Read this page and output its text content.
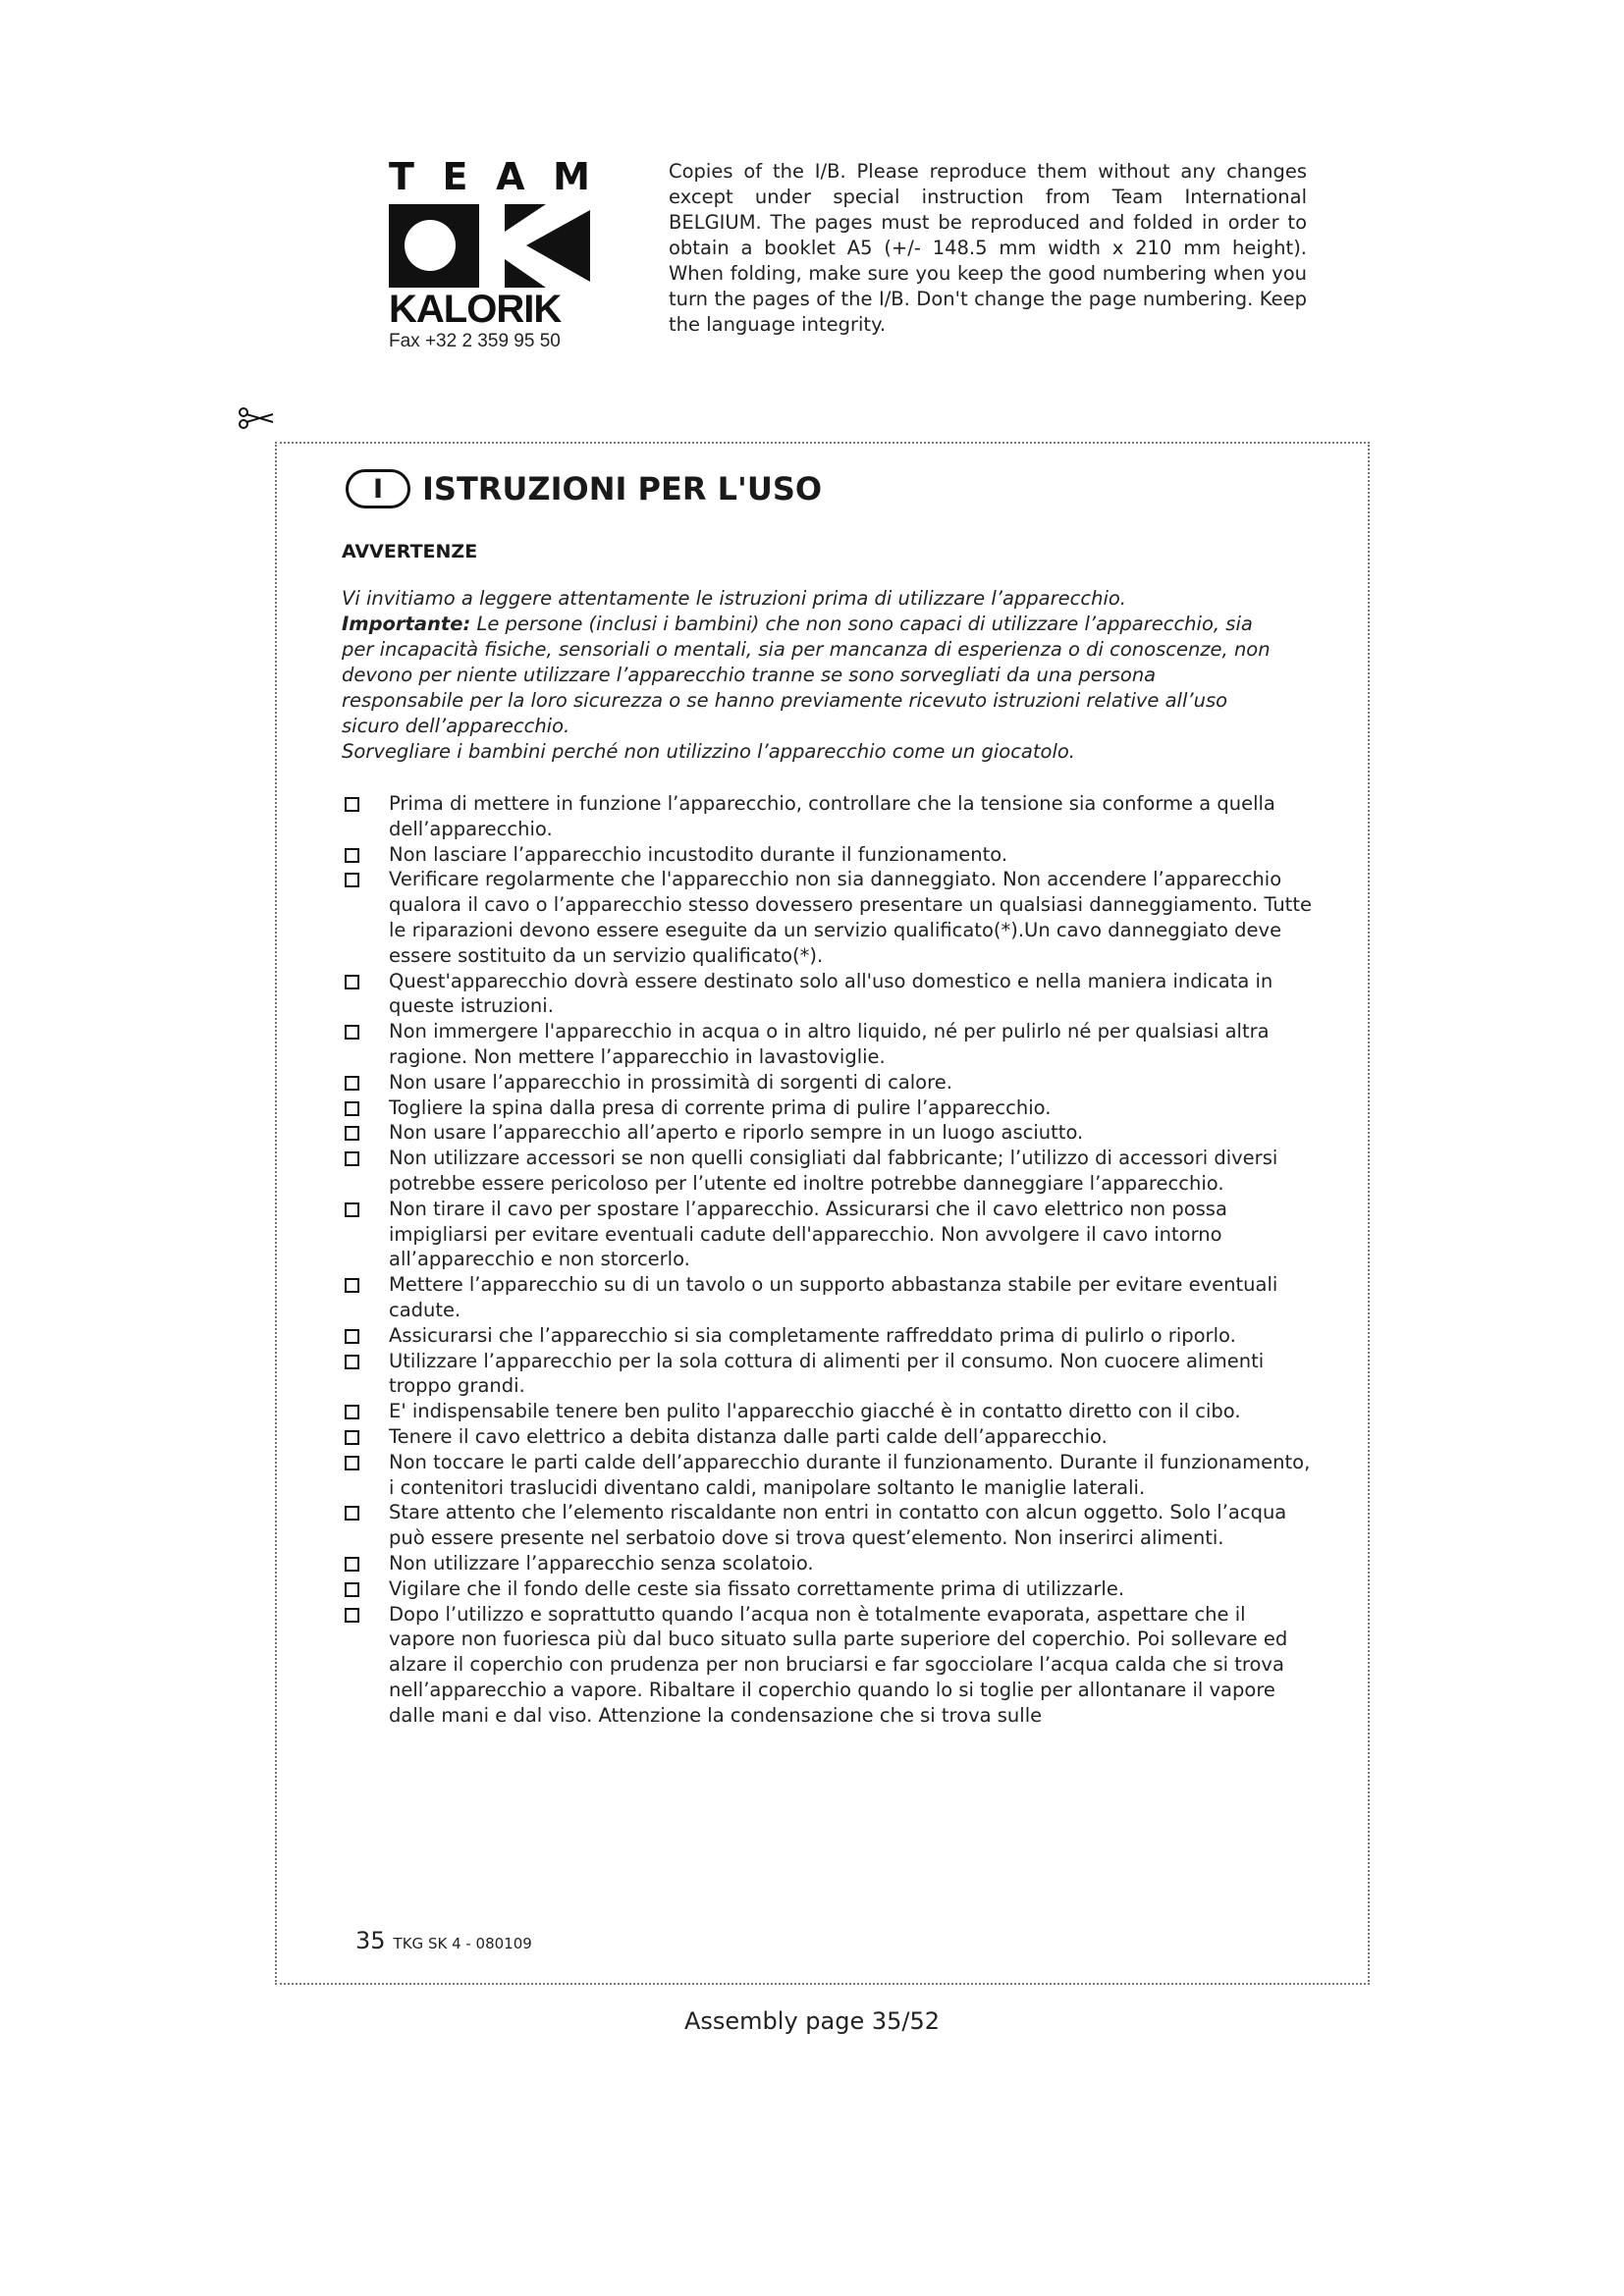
T E A M
KALORIK
Fax +32 2 359 95 50

Copies of the I/B. Please reproduce them without any changes except under special instruction from Team International BELGIUM. The pages must be reproduced and folded in order to obtain a booklet A5 (+/- 148.5 mm width x 210 mm height). When folding, make sure you keep the good numbering when you turn the pages of the I/B. Don't change the page numbering. Keep the language integrity.

I	ISTRUZIONI PER L'USO
AVVERTENZE

Vi invitiamo a leggere attentamente le istruzioni prima di utilizzare l’apparecchio.

Importante: Le persone (inclusi i bambini) che non sono capaci di utilizzare l’apparecchio, sia per incapacità fisiche, sensoriali o mentali, sia per mancanza di esperienza o di conoscenze, non devono per niente utilizzare l’apparecchio tranne se sono sorvegliati da una persona responsabile per la loro sicurezza o se hanno previamente ricevuto istruzioni relative all’uso sicuro dell’apparecchio.

Sorvegliare i bambini perché non utilizzino l’apparecchio come un giocatolo.

Prima di mettere in funzione l’apparecchio, controllare che la tensione sia conforme a quella dell’apparecchio.
Non lasciare l’apparecchio incustodito durante il funzionamento.
Verificare regolarmente che l'apparecchio non sia danneggiato. Non accendere l’apparecchio qualora il cavo o l’apparecchio stesso dovessero presentare un qualsiasi danneggiamento. Tutte le riparazioni devono essere eseguite da un servizio qualificato(*).Un cavo danneggiato deve essere sostituito da un servizio qualificato(*).
Quest'apparecchio dovrà essere destinato solo all'uso domestico e nella maniera indicata in queste istruzioni.
Non immergere l'apparecchio in acqua o in altro liquido, né per pulirlo né per qualsiasi altra ragione. Non mettere l’apparecchio in lavastoviglie.
Non usare l’apparecchio in prossimità di sorgenti di calore.
Togliere la spina dalla presa di corrente prima di pulire l’apparecchio.
Non usare l’apparecchio all’aperto e riporlo sempre in un luogo asciutto.
Non utilizzare accessori se non quelli consigliati dal fabbricante; l’utilizzo di accessori diversi potrebbe essere pericoloso per l’utente ed inoltre potrebbe danneggiare l’apparecchio.
Non tirare il cavo per spostare l’apparecchio. Assicurarsi che il cavo elettrico non possa impigliarsi per evitare eventuali cadute dell'apparecchio. Non avvolgere il cavo intorno all’apparecchio e non storcerlo.
Mettere l’apparecchio su di un tavolo o un supporto abbastanza stabile per evitare eventuali cadute.
Assicurarsi che l’apparecchio si sia completamente raffreddato prima di pulirlo o riporlo.
Utilizzare l’apparecchio per la sola cottura di alimenti per il consumo. Non cuocere alimenti troppo grandi.
E' indispensabile tenere ben pulito l'apparecchio giacché è in contatto diretto con il cibo.
Tenere il cavo elettrico a debita distanza dalle parti calde dell’apparecchio.
Non toccare le parti calde dell’apparecchio durante il funzionamento. Durante il funzionamento, i contenitori traslucidi diventano caldi, manipolare soltanto le maniglie laterali.
Stare attento che l’elemento riscaldante non entri in contatto con alcun oggetto. Solo l’acqua può essere presente nel serbatoio dove si trova quest’elemento. Non inserirci alimenti.
Non utilizzare l’apparecchio senza scolatoio.
Vigilare che il fondo delle ceste sia fissato correttamente prima di utilizzarle.
Dopo l’utilizzo e soprattutto quando l’acqua non è totalmente evaporata, aspettare che il vapore non fuoriesca più dal buco situato sulla parte superiore del coperchio. Poi sollevare ed alzare il coperchio con prudenza per non bruciarsi e far sgocciolare l’acqua calda che si trova nell’apparecchio a vapore. Ribaltare il coperchio quando lo si toglie per allontanare il vapore dalle mani e dal viso. Attenzione la condensazione che si trova sulle
35 TKG SK 4 - 080109
Assembly page 35/52
